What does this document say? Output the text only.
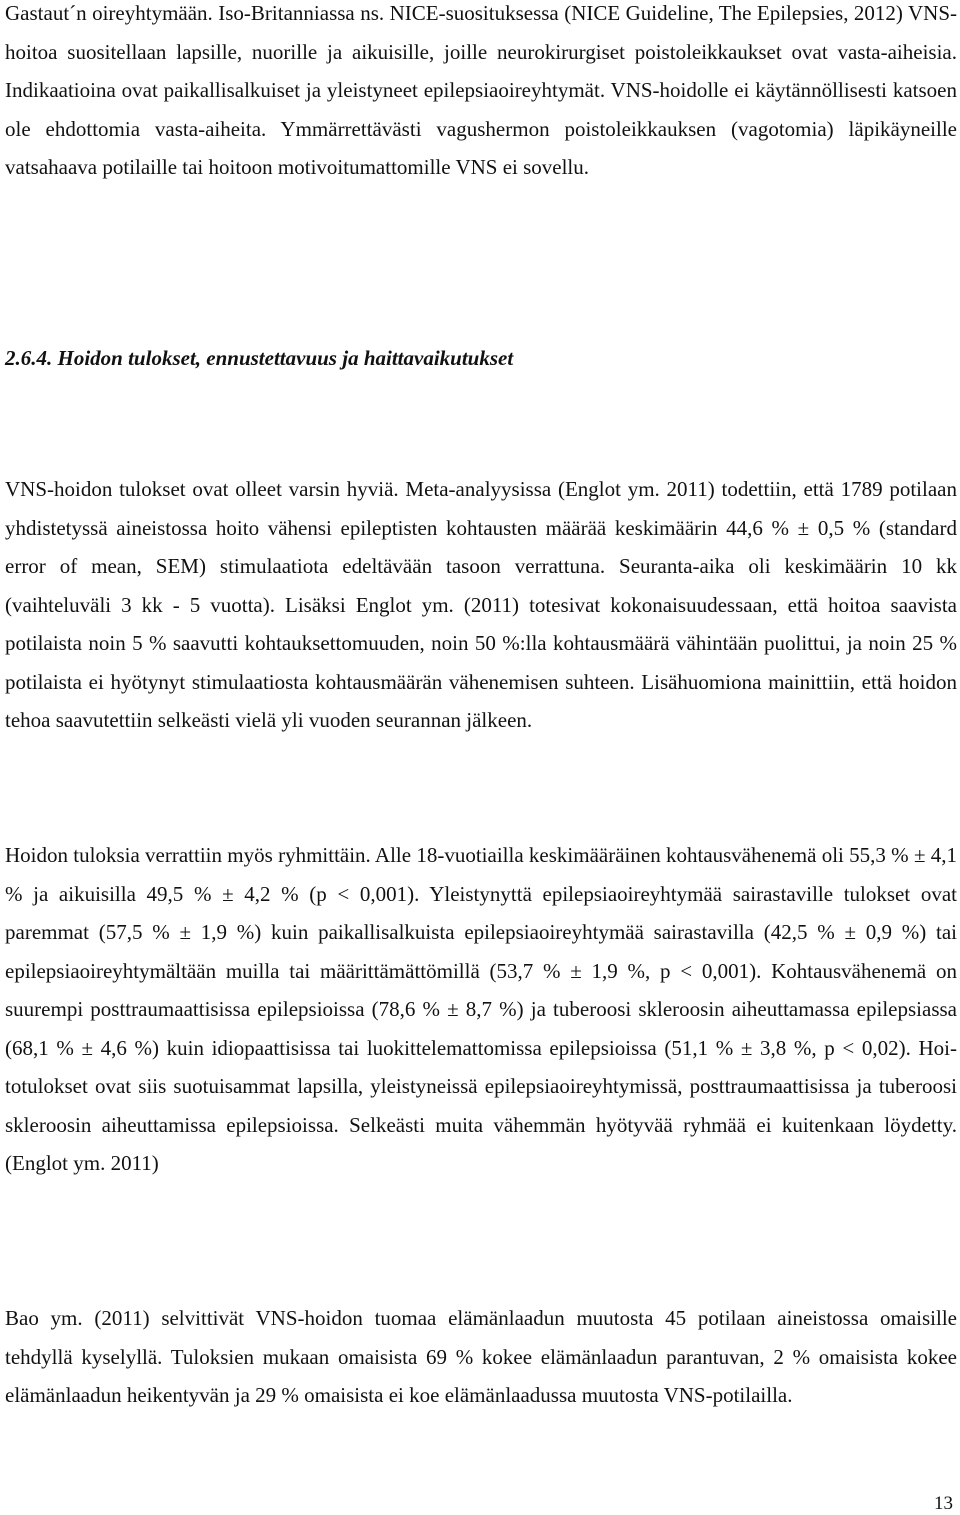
Gastaut´n oireyhtymään. Iso-Britanniassa ns. NICE-suosituksessa (NICE Guideline, The Epilepsies, 2012) VNS-hoitoa suositellaan lapsille, nuorille ja aikuisille, joille neurokirurgiset poistoleikkaukset ovat vasta-aiheisia. Indikaatioina ovat paikallisalkuiset ja yleistyneet epilepsiaoireyhtymät. VNS-hoidolle ei käytännöllisesti katsoen ole ehdottomia vasta-aiheita. Ymmärrettävästi vagushermon poistoleikkauksen (vagotomia) läpikäyneille vatsahaava potilaille tai hoitoon motivoitumattomille VNS ei sovellu.

2.6.4. Hoidon tulokset, ennustettavuus ja haittavaikutukset

VNS-hoidon tulokset ovat olleet varsin hyviä. Meta-analyysissa (Englot ym. 2011) todettiin, että 1789 potilaan yhdistetyssä aineistossa hoito vähensi epileptisten kohtausten määrää keskimäärin 44,6 % ± 0,5 % (standard error of mean, SEM) stimulaatiota edeltävään tasoon verrattuna. Seuranta-aika oli keskimäärin 10 kk (vaihteluväli 3 kk - 5 vuotta). Lisäksi Englot ym. (2011) totesivat kokonaisuudessaan, että hoitoa saavista potilaista noin 5 % saavutti kohtauksettomuuden, noin 50 %:lla kohtausmäärä vähintään puolittui, ja noin 25 % potilaista ei hyötynyt stimulaatiosta kohtausmäärän vähenemisen suhteen. Lisähuomiona mainittiin, että hoidon tehoa saavutettiin selkeästi vielä yli vuoden seurannan jälkeen.

Hoidon tuloksia verrattiin myös ryhmittäin. Alle 18-vuotiailla keskimääräinen kohtausvähenemä oli 55,3 % ± 4,1 % ja aikuisilla 49,5 % ± 4,2 % (p < 0,001). Yleistynyttä epilepsiaoireyhtymää sairastaville tulokset ovat paremmat (57,5 % ± 1,9 %) kuin paikallisalkuista epilepsiaoireyhtymää sairastavilla (42,5 % ± 0,9 %) tai epilepsiaoireyhtymältään muilla tai määrittämättömillä (53,7 % ± 1,9 %, p < 0,001). Kohtausvähenemä on suurempi posttraumaattisissa epilepsioissa (78,6 % ± 8,7 %) ja tuberoosi skleroosin aiheuttamassa epilepsiassa (68,1 % ± 4,6 %) kuin idiopaattisissa tai luokittelemattomissa epilepsioissa (51,1 % ± 3,8 %, p < 0,02). Hoitotulokset ovat siis suotuisammat lapsilla, yleistyneissä epilepsiaoireyhtymissä, posttraumaattisissa ja tuberoosi skleroosin aiheuttamissa epilepsioissa. Selkeästi muita vähemmän hyötyvää ryhmää ei kuitenkaan löydetty. (Englot ym. 2011)

Bao ym. (2011) selvittivät VNS-hoidon tuomaa elämänlaadun muutosta 45 potilaan aineistossa omaisille tehdyllä kyselyllä. Tuloksien mukaan omaisista 69 % kokee elämänlaadun parantuvan, 2 % omaisista kokee elämänlaadun heikentyvän ja 29 % omaisista ei koe elämänlaadussa muutosta VNS-potilailla.

13
